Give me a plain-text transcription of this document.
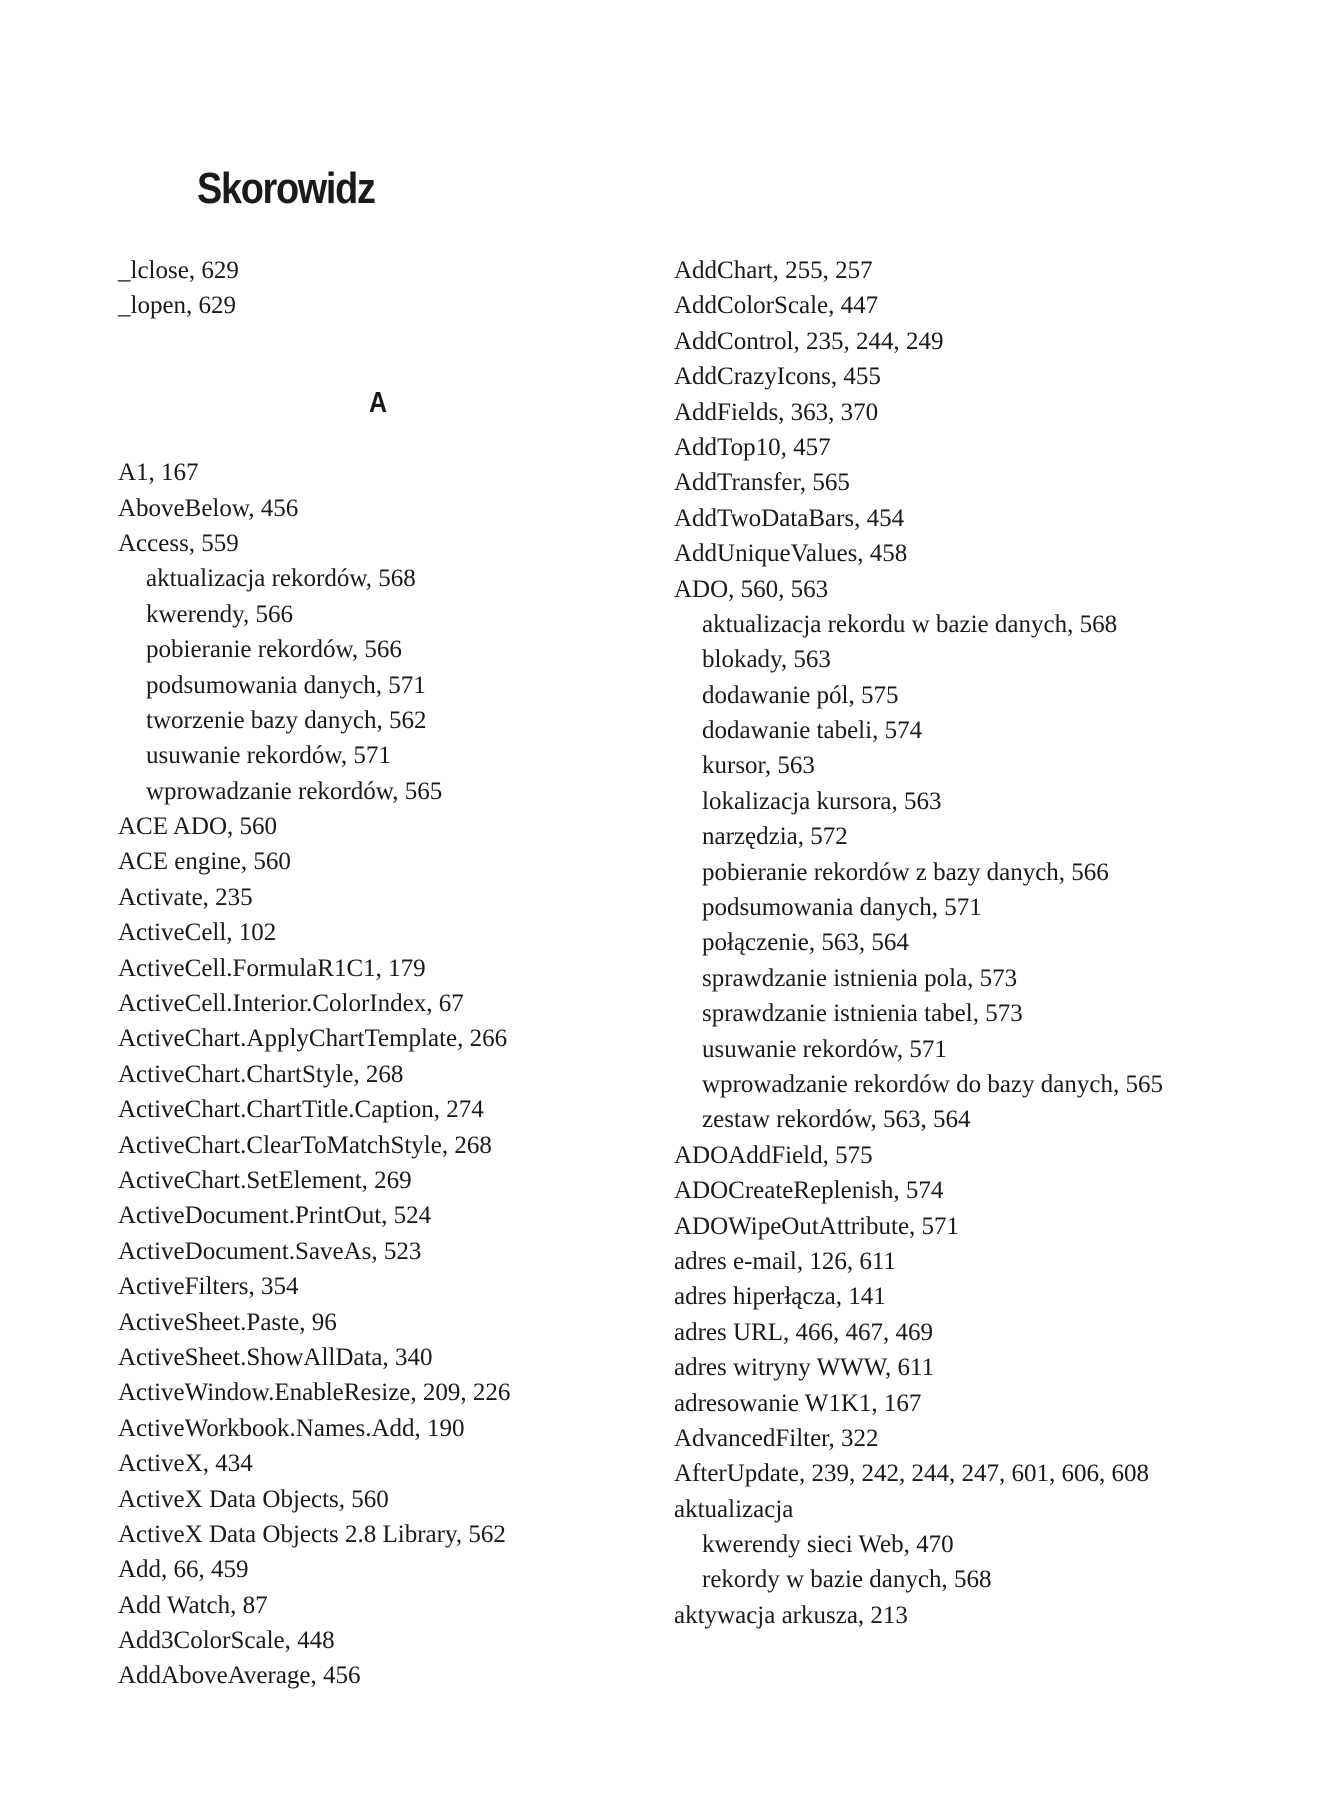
Skorowidz
_lclose, 629
_lopen, 629
A
A1, 167
AboveBelow, 456
Access, 559
aktualizacja rekordów, 568
kwerendy, 566
pobieranie rekordów, 566
podsumowania danych, 571
tworzenie bazy danych, 562
usuwanie rekordów, 571
wprowadzanie rekordów, 565
ACE ADO, 560
ACE engine, 560
Activate, 235
ActiveCell, 102
ActiveCell.FormulaR1C1, 179
ActiveCell.Interior.ColorIndex, 67
ActiveChart.ApplyChartTemplate, 266
ActiveChart.ChartStyle, 268
ActiveChart.ChartTitle.Caption, 274
ActiveChart.ClearToMatchStyle, 268
ActiveChart.SetElement, 269
ActiveDocument.PrintOut, 524
ActiveDocument.SaveAs, 523
ActiveFilters, 354
ActiveSheet.Paste, 96
ActiveSheet.ShowAllData, 340
ActiveWindow.EnableResize, 209, 226
ActiveWorkbook.Names.Add, 190
ActiveX, 434
ActiveX Data Objects, 560
ActiveX Data Objects 2.8 Library, 562
Add, 66, 459
Add Watch, 87
Add3ColorScale, 448
AddAboveAverage, 456
AddChart, 255, 257
AddColorScale, 447
AddControl, 235, 244, 249
AddCrazyIcons, 455
AddFields, 363, 370
AddTop10, 457
AddTransfer, 565
AddTwoDataBars, 454
AddUniqueValues, 458
ADO, 560, 563
aktualizacja rekordu w bazie danych, 568
blokady, 563
dodawanie pól, 575
dodawanie tabeli, 574
kursor, 563
lokalizacja kursora, 563
narzędzia, 572
pobieranie rekordów z bazy danych, 566
podsumowania danych, 571
połączenie, 563, 564
sprawdzanie istnienia pola, 573
sprawdzanie istnienia tabel, 573
usuwanie rekordów, 571
wprowadzanie rekordów do bazy danych, 565
zestaw rekordów, 563, 564
ADOAddField, 575
ADOCreateReplenish, 574
ADOWipeOutAttribute, 571
adres e-mail, 126, 611
adres hiperłącza, 141
adres URL, 466, 467, 469
adres witryny WWW, 611
adresowanie W1K1, 167
AdvancedFilter, 322
AfterUpdate, 239, 242, 244, 247, 601, 606, 608
aktualizacja
kwerendy sieci Web, 470
rekordy w bazie danych, 568
aktywacja arkusza, 213
